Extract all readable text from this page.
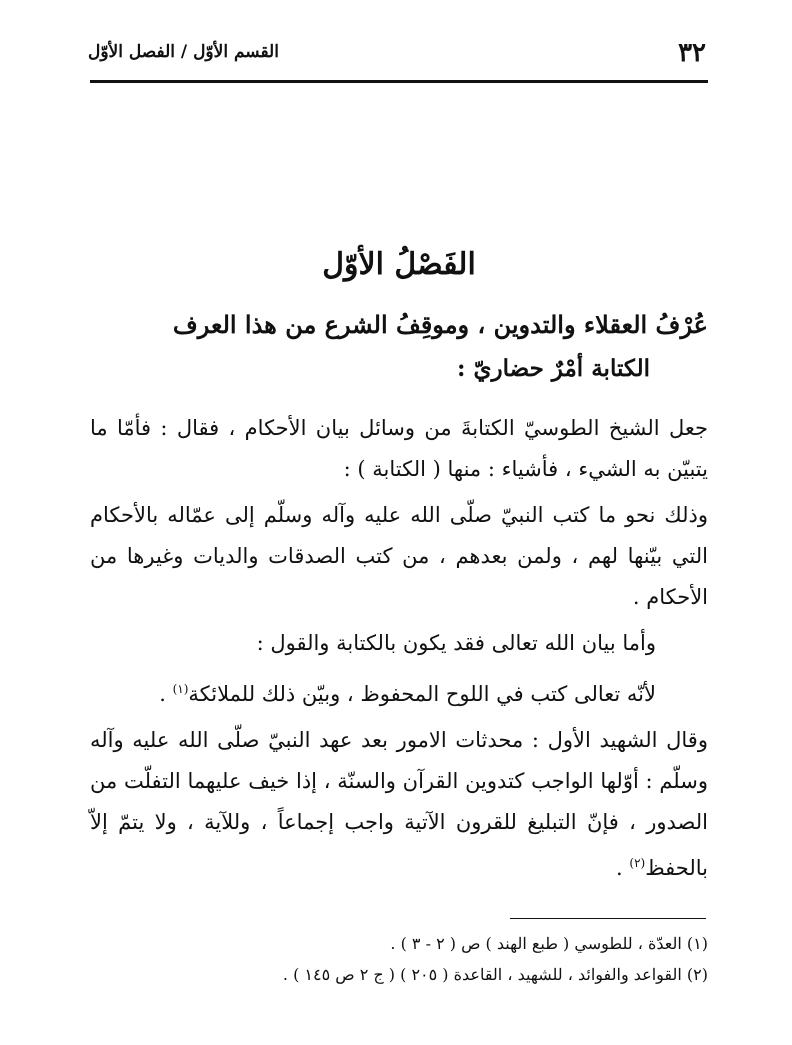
٣٢
القسم الأوّل / الفصل الأوّل
الفَصْلُ الأوّل
عُرْفُ العقلاء والتدوين ، وموقِفُ الشرع من هذا العرف
الكتابة أمْرٌ حضاريّ :

جعل الشيخ الطوسيّ الكتابةَ من وسائل بيان الأحكام ، فقال : فأمّا ما يتبيّن به الشيء ، فأشياء : منها ( الكتابة ) :

وذلك نحو ما كتب النبيّ صلّى الله عليه وآله وسلّم إلى عمّاله بالأحكام التي بيّنها لهم ، ولمن بعدهم ، من كتب الصدقات والديات وغيرها من الأحكام .

وأما بيان الله تعالى فقد يكون بالكتابة والقول :

لأنّه تعالى كتب في اللوح المحفوظ ، وبيّن ذلك للملائكة$^{(١)}$ .

وقال الشهيد الأول : محدثات الامور بعد عهد النبيّ صلّى الله عليه وآله وسلّم : أوّلها الواجب كتدوين القرآن والسنّة ، إذا خيف عليهما التفلّت من الصدور ، فإنّ التبليغ للقرون الآتية واجب إجماعاً ، وللآية ، ولا يتمّ إلاّ بالحفظ$^{(٢)}$ .

(١) العدّة ، للطوسي ( طبع الهند ) ص ( ٢ - ٣ ) .
(٢) القواعد والفوائد ، للشهيد ، القاعدة ( ٢٠٥ ) ( ج ٢ ص ١٤٥ ) .
